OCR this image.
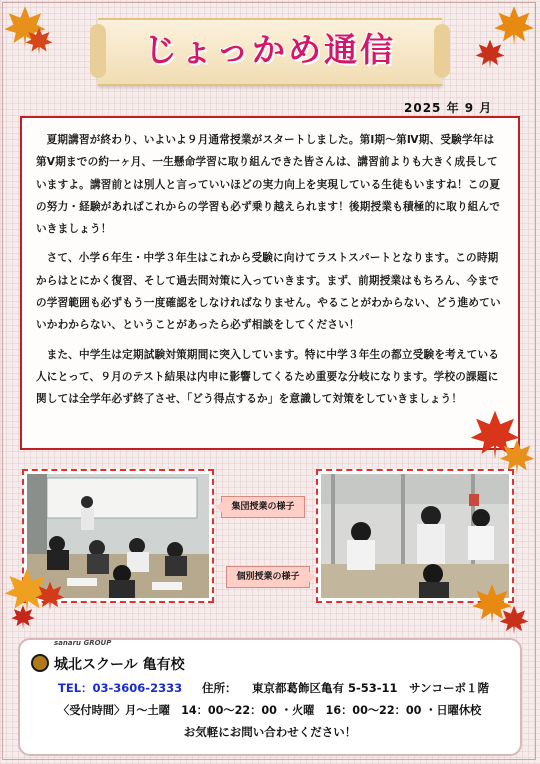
じょっかめ通信
2025 年 9 月

夏期講習が終わり、いよいよ９月通常授業がスタートしました。第Ⅰ期～第Ⅳ期、受験学年は第Ⅴ期までの約一ヶ月、一生懸命学習に取り組んできた皆さんは、講習前よりも大きく成長していますよ。講習前とは別人と言っていいほどの実力向上を実現している生徒もいますね！この夏の努力・経験があればこれからの学習も必ず乗り越えられます！後期授業も積極的に取り組んでいきましょう！

さて、小学６年生・中学３年生はこれから受験に向けてラストスパートとなります。この時期からはとにかく復習、そして過去問対策に入っていきます。まず、前期授業はもちろん、今までの学習範囲も必ずもう一度確認をしなければなりません。やることがわからない、どう進めていいかわからない、ということがあったら必ず相談をしてください！

また、中学生は定期試験対策期間に突入しています。特に中学３年生の都立受験を考えている人にとって、９月のテスト結果は内申に影響してくるため重要な分岐になります。学校の課題に関しては全学年必ず終了させ、「どう得点するか」を意識して対策をしていきましょう！

集団授業の様子
個別授業の様子
sanaru GROUP
城北スクール 亀有校
TEL：03-3606-2333 住所： 東京都葛飾区亀有 5-53-11　サンコーポ１階
〈受付時間〉月～土曜　14：00～22：00 ・火曜　16：00～22：00 ・日曜休校
お気軽にお問い合わせください！
